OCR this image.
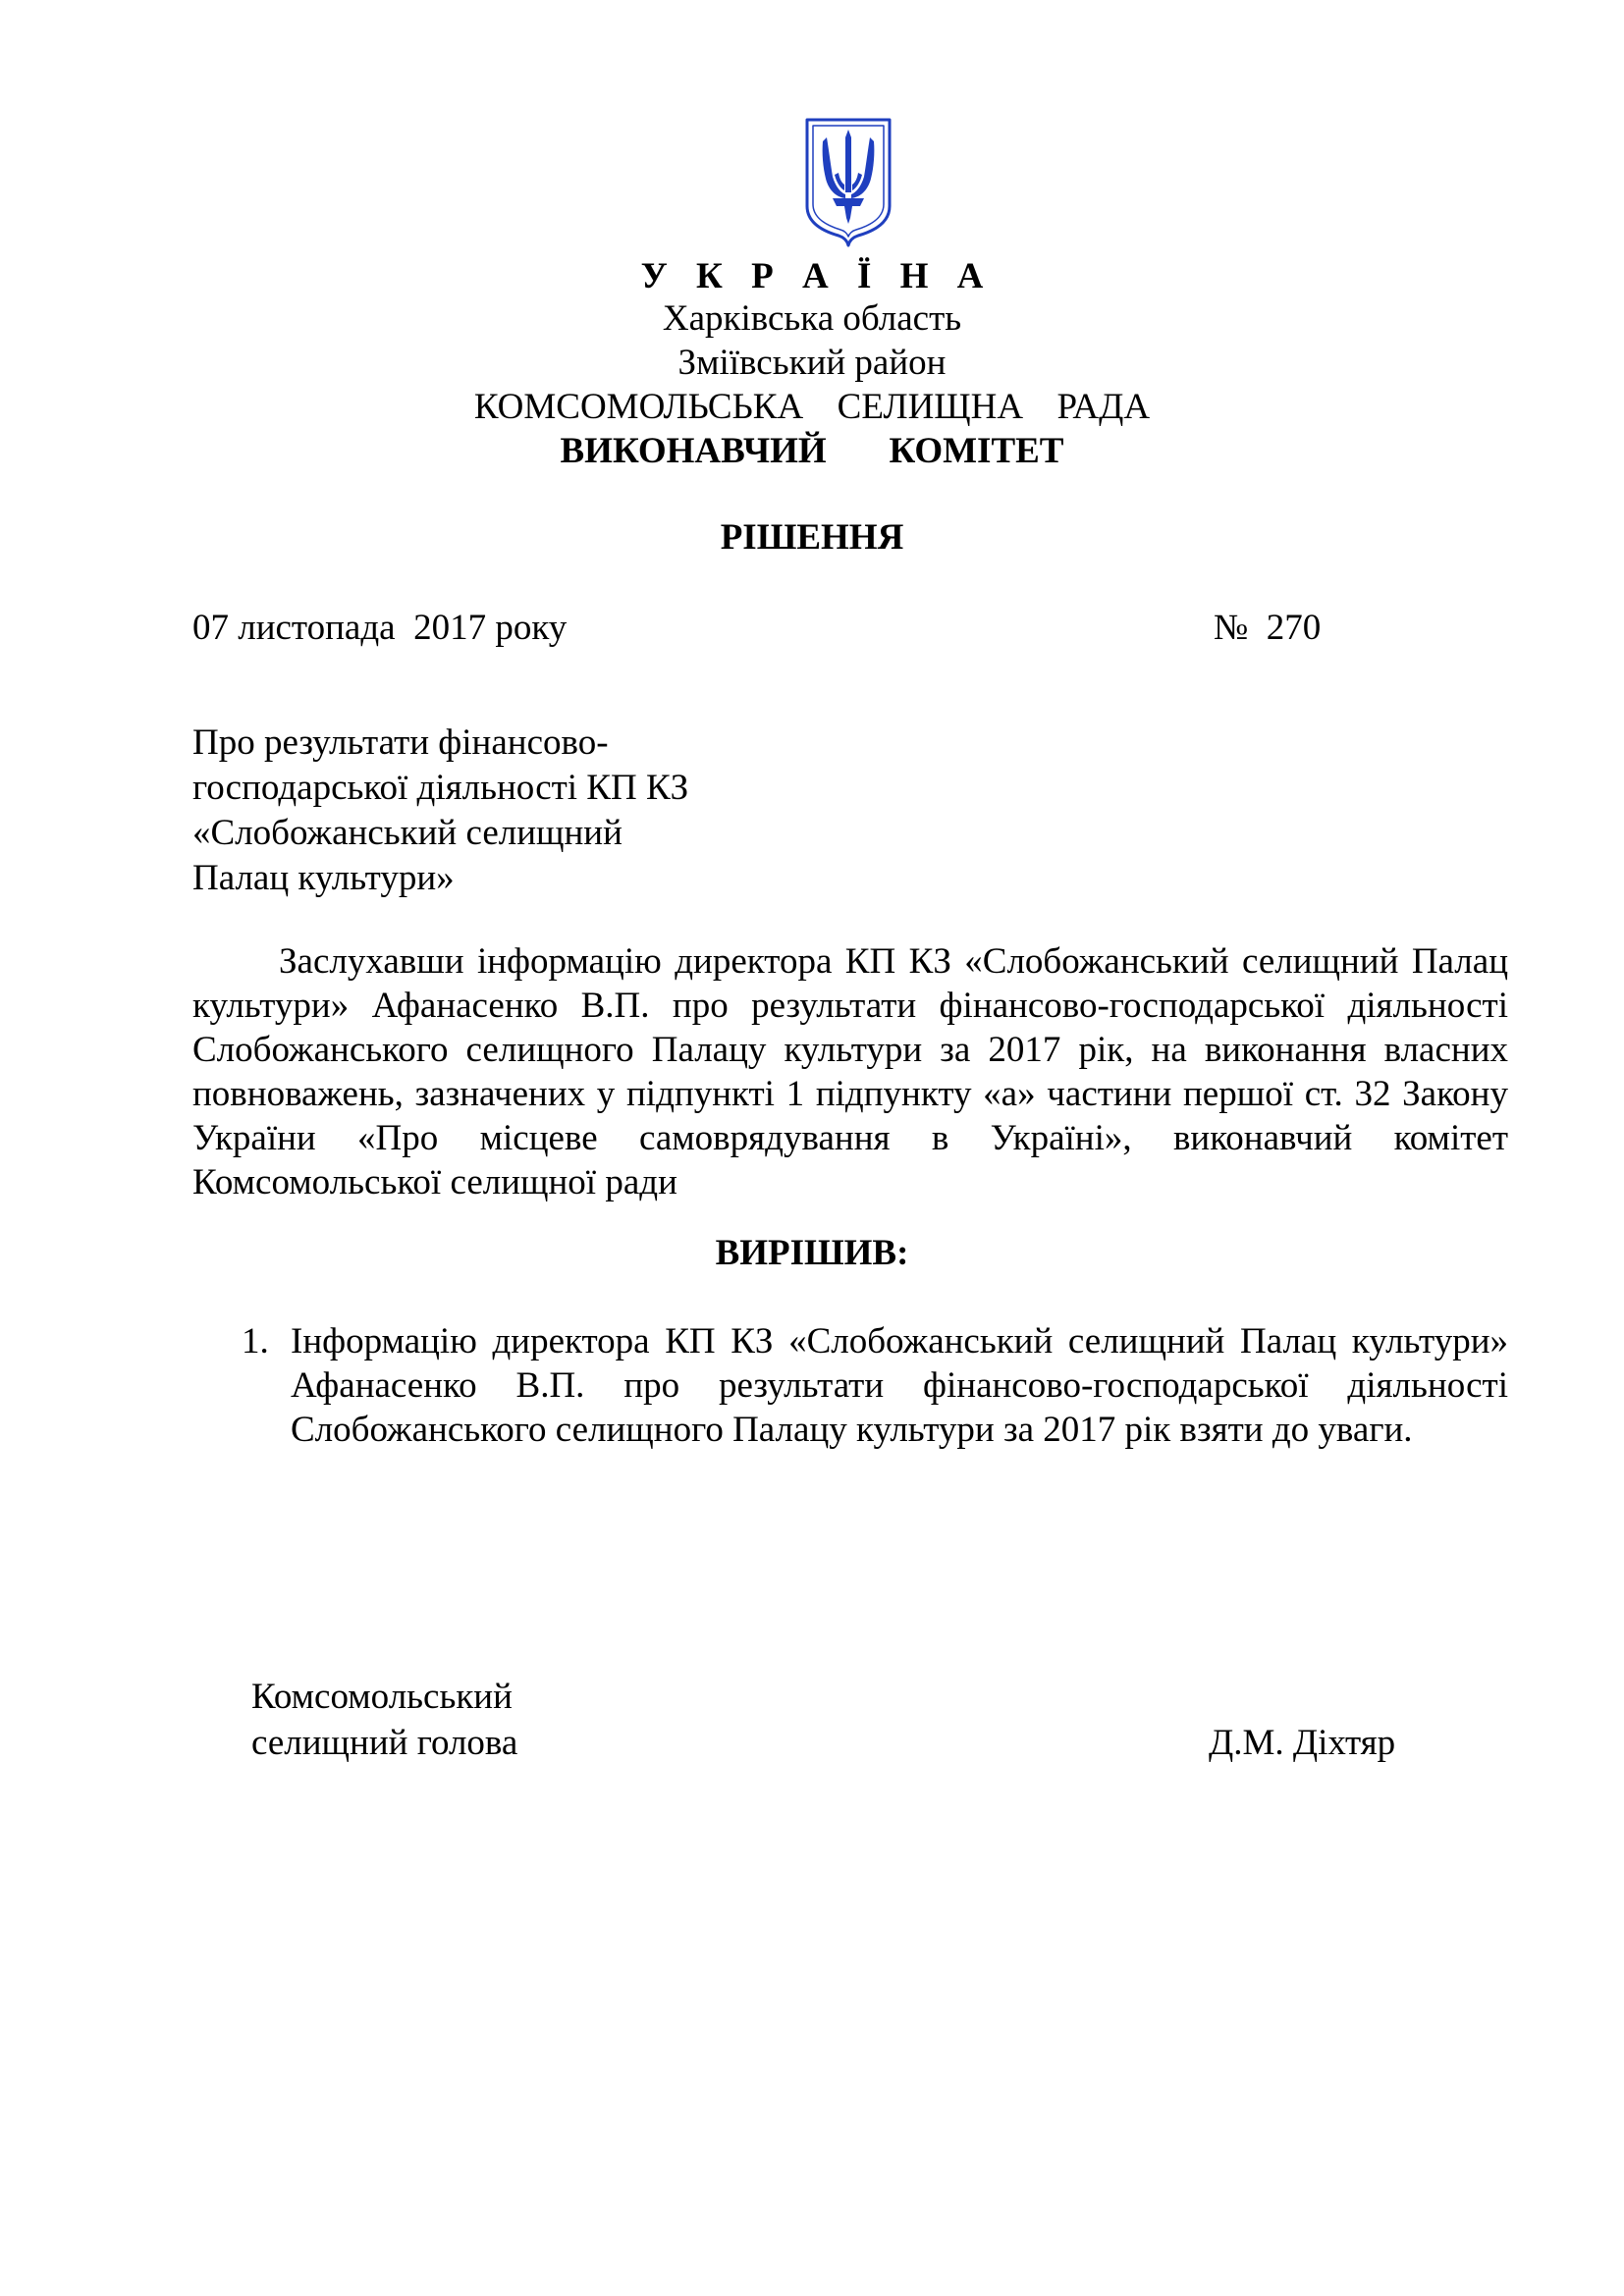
У К Р А Ї Н А
Харківська область
Зміївський район
КОМСОМОЛЬСЬКА  СЕЛИЩНА  РАДА
ВИКОНАВЧИЙ   КОМІТЕТ
РІШЕННЯ
07 листопада  2017 року	№  270
Про результати фінансово-
господарської діяльності КП КЗ
«Слобожанський селищний
Палац культури»
Заслухавши інформацію директора КП КЗ «Слобожанський селищний Палац культури» Афанасенко В.П. про результати фінансово-господарської діяльності Слобожанського селищного Палацу культури за 2017 рік, на виконання власних повноважень, зазначених у підпункті 1 підпункту «а» частини першої ст. 32 Закону України «Про місцеве самоврядування в Україні», виконавчий комітет Комсомольської селищної ради
ВИРІШИВ:
1. Інформацію директора КП КЗ «Слобожанський селищний Палац культури» Афанасенко В.П. про результати фінансово-господарської діяльності Слобожанського селищного Палацу культури за 2017 рік взяти до уваги.
Комсомольський
селищний голова	Д.М. Діхтяр
